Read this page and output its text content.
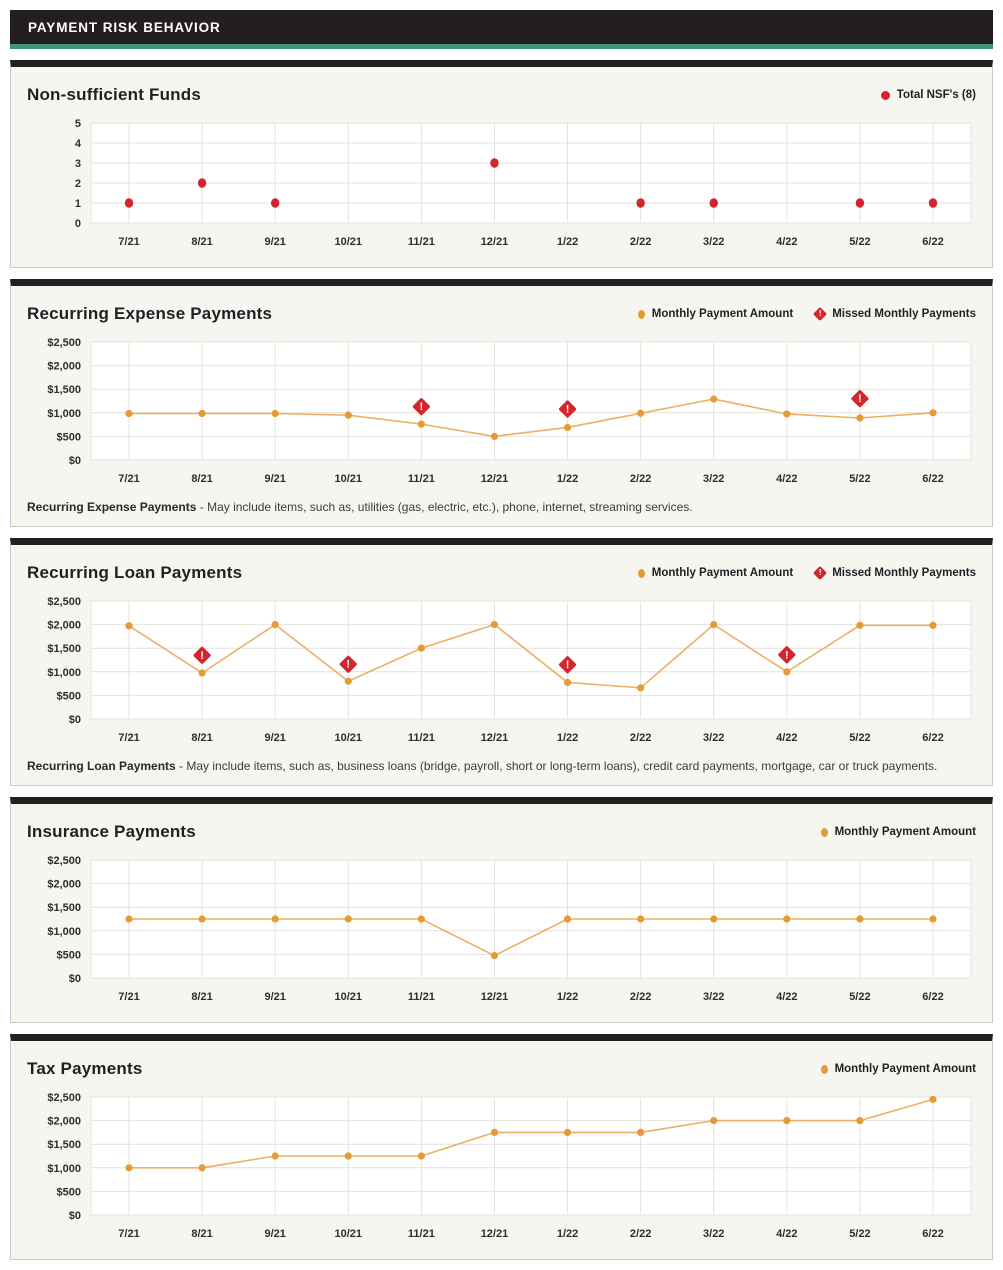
PAYMENT RISK BEHAVIOR
Non-sufficient Funds	Total NSF's (8)
0
1
2
3
4
5
7/21	8/21	9/21	10/21	11/21	12/21	1/22	2/22	3/22	4/22	5/22	6/22
Recurring Expense Payments	Monthly Payment Amount	! Missed Monthly Payments
$0
$500
$1,000
$1,500
$2,000
$2,500
7/21	8/21	9/21	10/21	11/21	12/21	1/22	2/22	3/22	4/22	5/22	6/22
!	!
!

Recurring Expense Payments - May include items, such as, utilities (gas, electric, etc.), phone, internet, streaming services.

Recurring Loan Payments	Monthly Payment Amount	! Missed Monthly Payments
$0
$500
$1,000
$1,500
$2,000
$2,500
7/21	8/21	9/21	10/21	11/21	12/21	1/22	2/22	3/22	4/22	5/22	6/22
!
!	!
!

Recurring Loan Payments - May include items, such as, business loans (bridge, payroll, short or long-term loans), credit card payments, mortgage, car or truck payments.

Insurance Payments	Monthly Payment Amount
$0
$500
$1,000
$1,500
$2,000
$2,500
7/21	8/21	9/21	10/21	11/21	12/21	1/22	2/22	3/22	4/22	5/22	6/22
Tax Payments	Monthly Payment Amount
$0
$500
$1,000
$1,500
$2,000
$2,500
7/21	8/21	9/21	10/21	11/21	12/21	1/22	2/22	3/22	4/22	5/22	6/22
